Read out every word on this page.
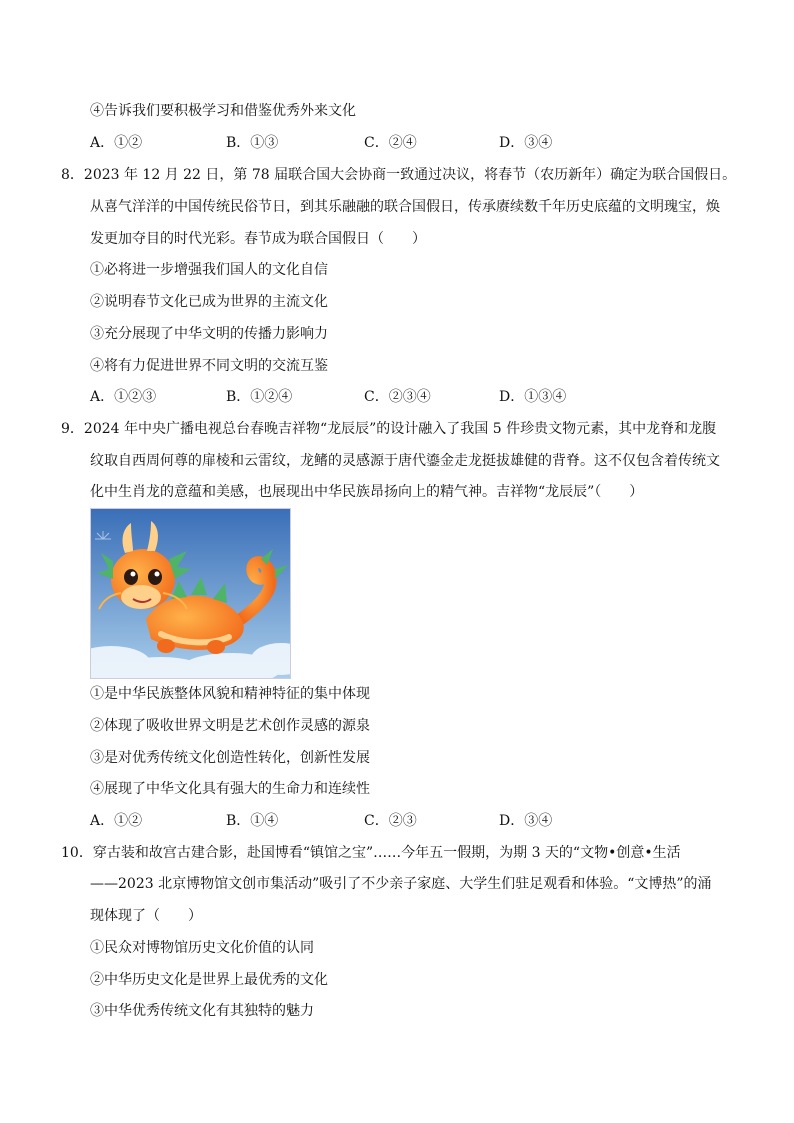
④告诉我们要积极学习和借鉴优秀外来文化
A．①②	B．①③	C．②④	D．③④
8．2023 年 12 月 22 日，第 78 届联合国大会协商一致通过决议，将春节（农历新年）确定为联合国假日。
从喜气洋洋的中国传统民俗节日，到其乐融融的联合国假日，传承赓续数千年历史底蕴的文明瑰宝，焕
发更加夺目的时代光彩。春节成为联合国假日（　　）
①必将进一步增强我们国人的文化自信
②说明春节文化已成为世界的主流文化
③充分展现了中华文明的传播力影响力
④将有力促进世界不同文明的交流互鉴
A．①②③	B．①②④	C．②③④	D．①③④
9．2024 年中央广播电视总台春晚吉祥物“龙辰辰”的设计融入了我国 5 件珍贵文物元素，其中龙脊和龙腹
纹取自西周何尊的扉棱和云雷纹，龙鳍的灵感源于唐代鎏金走龙挺拔雄健的背脊。这不仅包含着传统文
化中生肖龙的意蕴和美感，也展现出中华民族昂扬向上的精气神。吉祥物“龙辰辰”（　　）
①是中华民族整体风貌和精神特征的集中体现
②体现了吸收世界文明是艺术创作灵感的源泉
③是对优秀传统文化创造性转化，创新性发展
④展现了中华文化具有强大的生命力和连续性
A．①②	B．①④	C．②③	D．③④
10．穿古装和故宫古建合影，赴国博看“镇馆之宝”……今年五一假期，为期 3 天的“文物•创意•生活
——2023 北京博物馆文创市集活动”吸引了不少亲子家庭、大学生们驻足观看和体验。“文博热”的涌
现体现了（　　）
①民众对博物馆历史文化价值的认同
②中华历史文化是世界上最优秀的文化
③中华优秀传统文化有其独特的魅力
